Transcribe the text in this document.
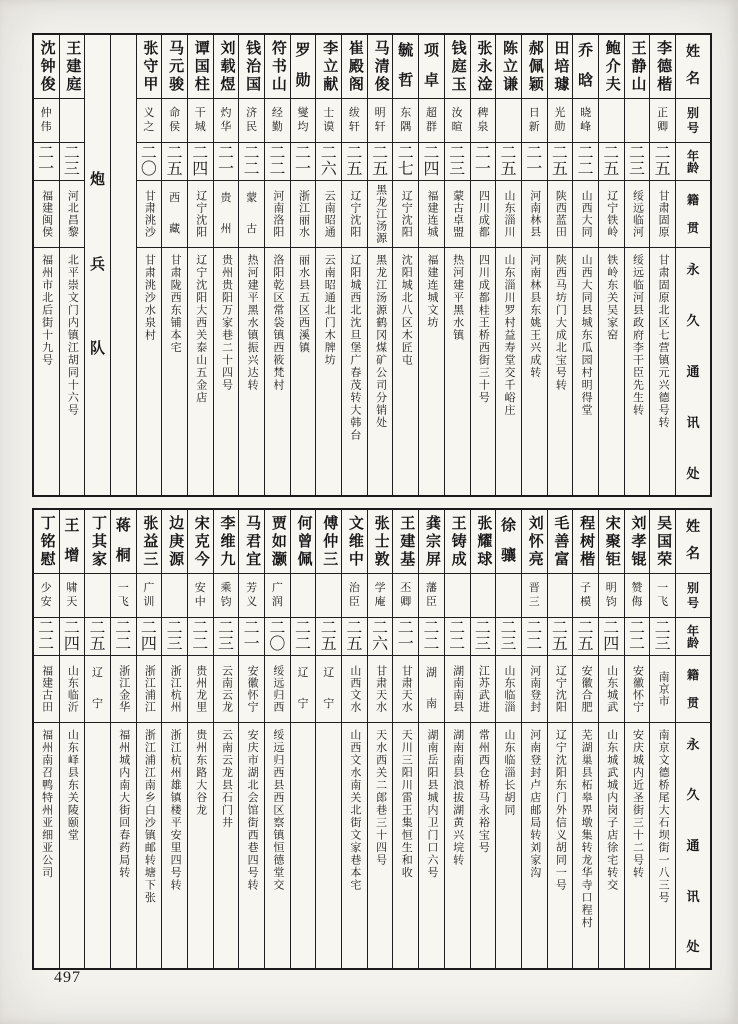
姓
名
别
号
年
龄
籍
贯
永
久
通
讯
处
李德楷
正
卿
二
五
甘肃固原
甘肃固原北区七营镇元兴德号转
王静山
二
三
绥远临河
绥远临河县政府李干臣先生转
鲍介夫
二
五
辽宁铁岭
铁岭东关吴家窑
乔
晗
晓
峰
二
二
山西大同
山西大同县城东瓜园村明得堂
田培璩
光
勋
二
五
陕西蓝田
陕西马坊门大成北宝号转
郝佩颖
日
新
二
一
河南林县
河南林县东姚王兴成转
陈立谦
二
五
山东淄川
山东淄川罗村益寿堂交千峪庄
张永淦
稗
泉
二
一
四川成都
四川成都桂王桥西街三十号
钱庭玉
汝
暄
二
三
蒙古卓盟
热河建平黑水镇
项
卓
超
群
二
四
福建连城
福建连城文坊
毓
哲
东
隅
二
七
辽宁沈阳
沈阳城北八区木匠屯
马清俊
明
轩
二
五
黑龙江汤源
黑龙江汤源鹤冈煤矿公司分销处
崔殿阁
绂
轩
二
五
辽宁沈阳
辽阳城西北沈旦堡广春茂转大韩台
李立献
士
谟
二
六
云南昭通
云南昭通北门木牌坊
罗
勋
燮
均
二
一
浙江丽水
丽水县五区西溪镇
符书山
经
勤
二
二
河南洛阳
洛阳乾区常袋镇西筱梵村
钱治国
济
民
二
二
蒙
古
热河建平黑水镇振兴达转
刘载煜
灼
华
二
一
贵
州
贵州贵阳万家巷二十四号
谭国柱
干
城
二
四
辽宁沈阳
辽宁沈阳大西关泰山五金店
马元骏
命
侯
二
五
西
藏
甘肃陇西东铺本宅
张守甲
义
之
二
〇
甘肃洮沙
甘肃洮沙水泉村
炮
兵
队
王建庭
二
三
河北昌黎
北平崇文门内镇江胡同十六号
沈钟俊
仲
伟
二
一
福建闽侯
福州市北后街十九号
姓
名
别
号
年
龄
籍
贯
永
久
通
讯
处
吴国荣
一
飞
二
三
南京市
南京文德桥尾大石坝街一八三号
刘孝锟
赞
侮
二
二
安徽怀宁
安庆城内近圣街三十二号转
宋聚钜
明
钧
二
四
山东城武
山东城武城内岗子店徐宅转交
程树楷
子
模
二
五
安徽合肥
芜湖巢县柘皋界墩集转龙华寺口程村
毛善富
二
五
辽宁沈阳
辽宁沈阳东门外信义胡同一号
刘怀亮
晋
三
二
二
河南登封
河南登封卢店邮局转刘家沟
徐
骧
二
三
山东临淄
山东临淄长胡同
张耀球
二
三
江苏武进
常州西仓桥马永裕宝号
王铸成
二
二
湖南南县
湖南南县浪拔湖黄兴垸转
龚宗屏
藩
臣
二
二
湖
南
湖南岳阳县城内卫门口六号
王建基
丕
卿
二
一
甘肃天水
天川三阳川雷王集恒生和收
张士敦
学
庵
二
六
甘肃天水
天水西关二郎巷三十四号
文维中
治
臣
二
五
山西文水
山西文水南关北街文家巷本宅
傅仲三
二
五
辽
宁
何曾佩
二
二
辽
宁
贾如灏
广
润
二
〇
绥远归西
绥远归西县西区察镇恒德堂交
马君宜
芳
义
二
一
安徽怀宁
安庆市湖北会馆街西巷四号转
李维九
乘
钧
二
三
云南云龙
云南云龙县石门井
宋克今
安
中
二
二
贵州龙里
贵州东路大谷龙
边庚源
二
三
浙江杭州
浙江杭州雄镇楼平安里四号转
张益三
广
训
二
四
浙江浦江
浙江浦江南乡白沙镇邮转塘下张
蒋
桐
一
飞
二
二
浙江金华
福州城内南大街回春药局转
丁其家
二
五
辽
宁
王
增
啸
天
二
四
山东临沂
山东峄县东关陵颐堂
丁铭慰
少
安
二
二
福建古田
福州南召鸭特州亚细亚公司
497
